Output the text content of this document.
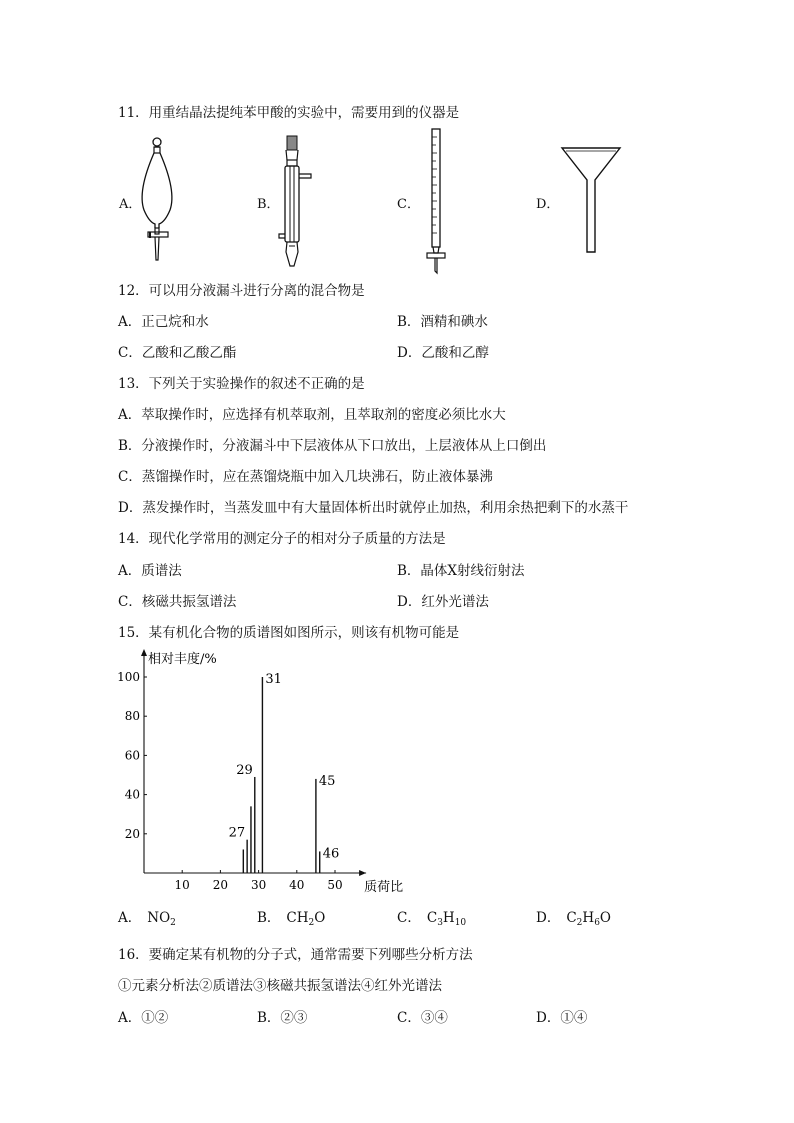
11．用重结晶法提纯苯甲酸的实验中，需要用到的仪器是
A．	B．	C．	D．
12．可以用分液漏斗进行分离的混合物是
A．正己烷和水	B．酒精和碘水
C．乙酸和乙酸乙酯	D．乙酸和乙醇
13．下列关于实验操作的叙述不正确的是
A．萃取操作时，应选择有机萃取剂，且萃取剂的密度必须比水大
B．分液操作时，分液漏斗中下层液体从下口放出，上层液体从上口倒出
C．蒸馏操作时，应在蒸馏烧瓶中加入几块沸石，防止液体暴沸
D．蒸发操作时，当蒸发皿中有大量固体析出时就停止加热，利用余热把剩下的水蒸干
14．现代化学常用的测定分子的相对分子质量的方法是
A．质谱法	B．晶体X射线衍射法
C．核磁共振氢谱法	D．红外光谱法
15．某有机化合物的质谱图如图所示，则该有机物可能是
相对丰度/%
质荷比
10 20 30 40 50
20
40
60
80
100
27
29
31
45
46
A． $NO_2$	B． $CH_2O$	C． $C_3H_{10}$	D． $C_2H_6O$
16．要确定某有机物的分子式，通常需要下列哪些分析方法
①元素分析法②质谱法③核磁共振氢谱法④红外光谱法
A．①②	B．②③	C．③④	D．①④
